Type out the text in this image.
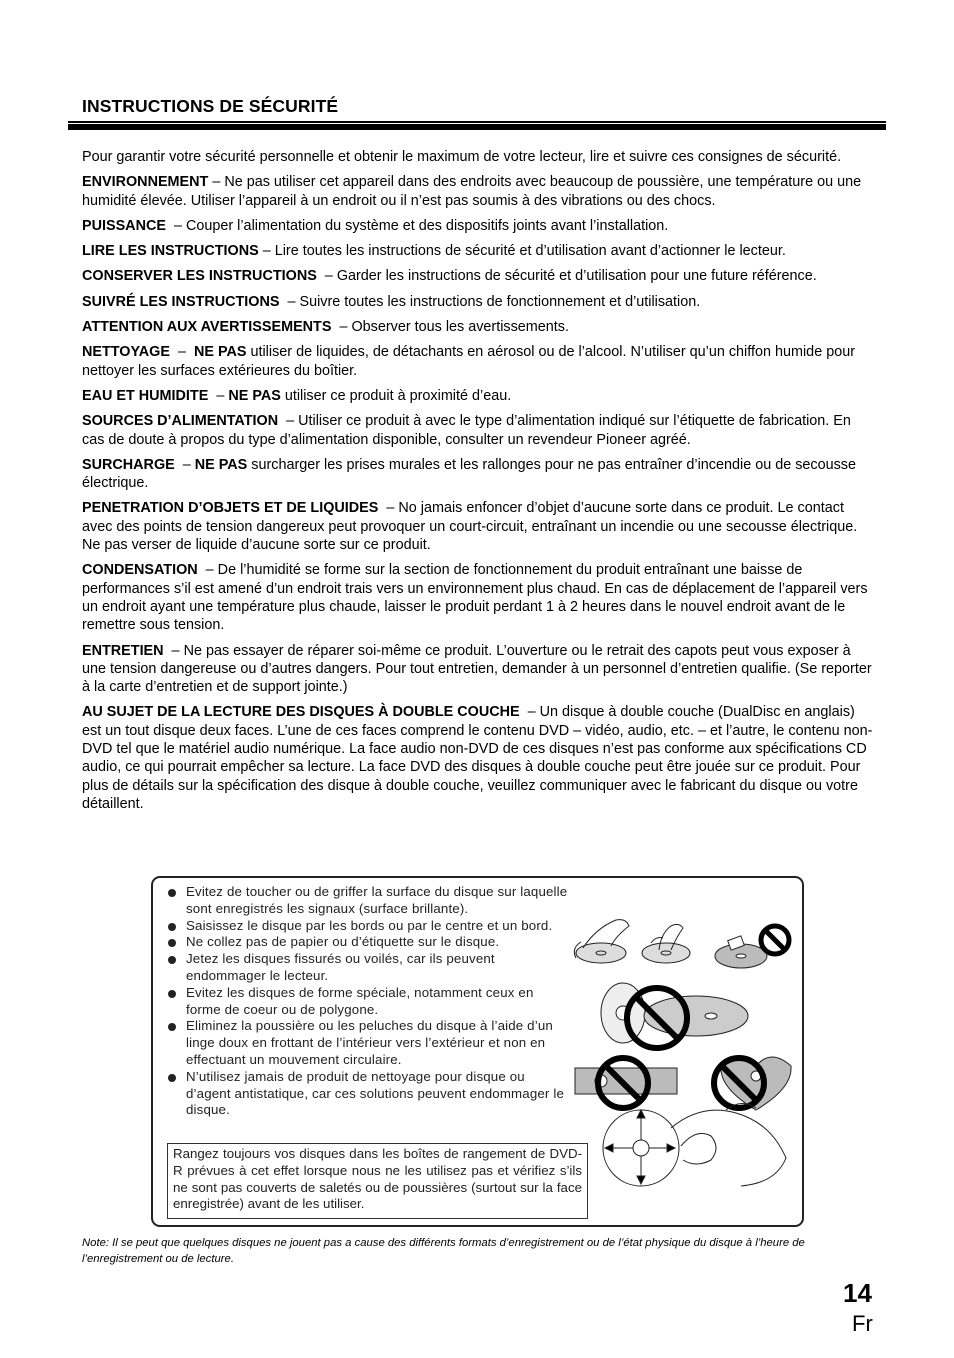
INSTRUCTIONS DE SÉCURITÉ

Pour garantir votre sécurité personnelle et obtenir le maximum de votre lecteur, lire et suivre ces consignes de sécurité.

ENVIRONNEMENT – Ne pas utiliser cet appareil dans des endroits avec beaucoup de poussière, une température ou une humidité élevée. Utiliser l’appareil à un endroit ou il n’est pas soumis à des vibrations ou des chocs.

PUISSANCE  – Couper l’alimentation du système et des dispositifs joints avant l’installation.

LIRE LES INSTRUCTIONS – Lire toutes les instructions de sécurité et d’utilisation avant d’actionner le lecteur.

CONSERVER LES INSTRUCTIONS  – Garder les instructions de sécurité et d’utilisation pour une future référence.

SUIVRÉ LES INSTRUCTIONS  – Suivre toutes les instructions de fonctionnement et d’utilisation.

ATTENTION AUX AVERTISSEMENTS  – Observer tous les avertissements.

NETTOYAGE  –  NE PAS utiliser de liquides, de détachants en aérosol ou de l’alcool. N’utiliser qu’un chiffon humide pour nettoyer les surfaces extérieures du boîtier.

EAU ET HUMIDITE  – NE PAS utiliser ce produit à proximité d’eau.

SOURCES D’ALIMENTATION  – Utiliser ce produit à avec le type d’alimentation indiqué sur l’étiquette de fabrication. En cas de doute à propos du type d’alimentation disponible, consulter un revendeur Pioneer agréé.

SURCHARGE  – NE PAS surcharger les prises murales et les rallonges pour ne pas entraîner d’incendie ou de secousse électrique.

PENETRATION D’OBJETS ET DE LIQUIDES  – No jamais enfoncer d’objet d’aucune sorte dans ce produit. Le contact avec des points de tension dangereux peut provoquer un court-circuit, entraînant un incendie ou une secousse électrique. Ne pas verser de liquide d’aucune sorte sur ce produit.

CONDENSATION  – De l’humidité se forme sur la section de fonctionnement du produit entraînant une baisse de performances s’il est amené d’un endroit trais vers un environnement plus chaud. En cas de déplacement de l’appareil vers un endroit ayant une température plus chaude, laisser le produit perdant 1 à 2 heures dans le nouvel endroit avant de le remettre sous tension.

ENTRETIEN  – Ne pas essayer de réparer soi-même ce produit. L’ouverture ou le retrait des capots peut vous exposer à une tension dangereuse ou d’autres dangers. Pour tout entretien, demander à un personnel d’entretien qualifie. (Se reporter à la carte d’entretien et de support jointe.)

AU SUJET DE LA LECTURE DES DISQUES À DOUBLE COUCHE  – Un disque à double couche (DualDisc en anglais) est un tout disque deux faces. L’une de ces faces comprend le contenu DVD – vidéo, audio, etc. – et l’autre, le contenu non-DVD tel que le matériel audio numérique. La face audio non-DVD de ces disques n’est pas conforme aux spécifications CD audio, ce qui pourrait empêcher sa lecture. La face DVD des disques à double couche peut être jouée sur ce produit. Pour plus de détails sur la spécification des disque à double couche, veuillez communiquer avec le fabricant du disque ou votre détaillent.

Evitez de toucher ou de griffer la surface du disque sur laquelle sont enregistrés les signaux (surface brillante).
Saisissez le disque par les bords ou par le centre et un bord.
Ne collez pas de papier ou d’étiquette sur le disque.
Jetez les disques fissurés ou voilés, car ils peuvent endommager le lecteur.
Evitez les disques de forme spéciale, notamment ceux en forme de coeur ou de polygone.
Eliminez la poussière ou les peluches du disque à l’aide d’un linge doux en frottant de l’intérieur vers l’extérieur et non en effectuant un mouvement circulaire.
N’utilisez jamais de produit de nettoyage pour disque ou d’agent antistatique, car ces solutions peuvent endommager le disque.
Rangez toujours vos disques dans les boîtes de rangement de DVD-R prévues à cet effet lorsque nous ne les utilisez pas et vérifiez s’ils ne sont pas couverts de saletés ou de poussières (surtout sur la face enregistrée) avant de les utiliser.

Note: Il se peut que quelques disques ne jouent pas a cause des différents formats d’enregistrement ou de l’état physique du disque à l’heure de l’enregistrement ou de lecture.

14
Fr
